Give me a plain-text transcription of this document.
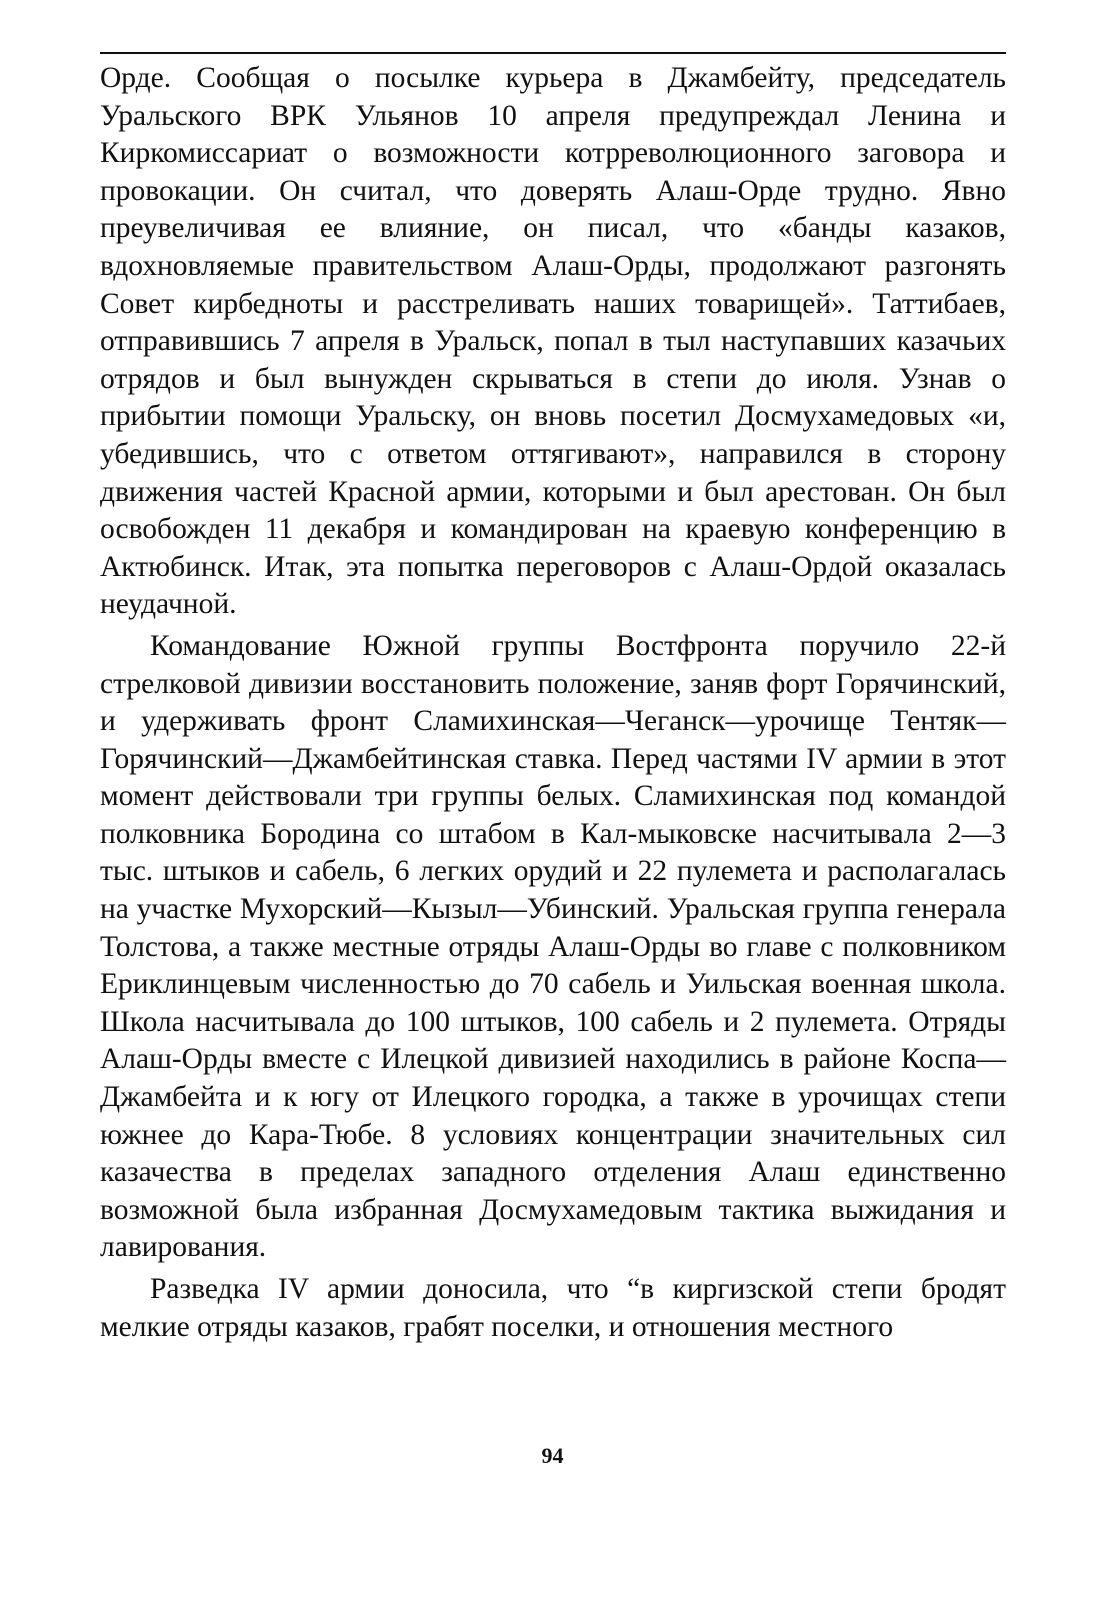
Орде. Сообщая о посылке курьера в Джамбейту, председатель Уральского ВРК Ульянов 10 апреля предупреждал Ленина и Киркомиссариат о возможности котрреволюционного заговора и провокации. Он считал, что доверять Алаш-Орде трудно. Явно преувеличивая ее влияние, он писал, что «банды казаков, вдохновляемые правительством Алаш-Орды, продолжают разгонять Совет кирбедноты и расстреливать наших товарищей». Таттибаев, отправившись 7 апреля в Уральск, попал в тыл наступавших казачьих отрядов и был вынужден скрываться в степи до июля. Узнав о прибытии помощи Уральску, он вновь посетил Досмухамедовых «и, убедившись, что с ответом оттягивают», направился в сторону движения частей Красной армии, которыми и был арестован. Он был освобожден 11 декабря и командирован на краевую конференцию в Актюбинск. Итак, эта попытка переговоров с Алаш-Ордой оказалась неудачной.

Командование Южной группы Востфронта поручило 22-й стрелковой дивизии восстановить положение, заняв форт Горячинский, и удерживать фронт Сламихинская—Чеганск—урочище Тентяк—Горячинский—Джамбейтинская ставка. Перед частями IV армии в этот момент действовали три группы белых. Сламихинская под командой полковника Бородина со штабом в Кал-мыковске насчитывала 2—3 тыс. штыков и сабель, 6 легких орудий и 22 пулемета и располагалась на участке Мухорский—Кызыл—Убинский. Уральская группа генерала Толстова, а также местные отряды Алаш-Орды во главе с полковником Ериклинцевым численностью до 70 сабель и Уильская военная школа. Школа насчитывала до 100 штыков, 100 сабель и 2 пулемета. Отряды Алаш-Орды вместе с Илецкой дивизией находились в районе Коспа—Джамбейта и к югу от Илецкого городка, а также в урочищах степи южнее до Кара-Тюбе. 8 условиях концентрации значительных сил казачества в пределах западного отделения Алаш единственно возможной была избранная Досмухамедовым тактика выжидания и лавирования.

Разведка IV армии доносила, что “в киргизской степи бродят мелкие отряды казаков, грабят поселки, и отношения местного

94
